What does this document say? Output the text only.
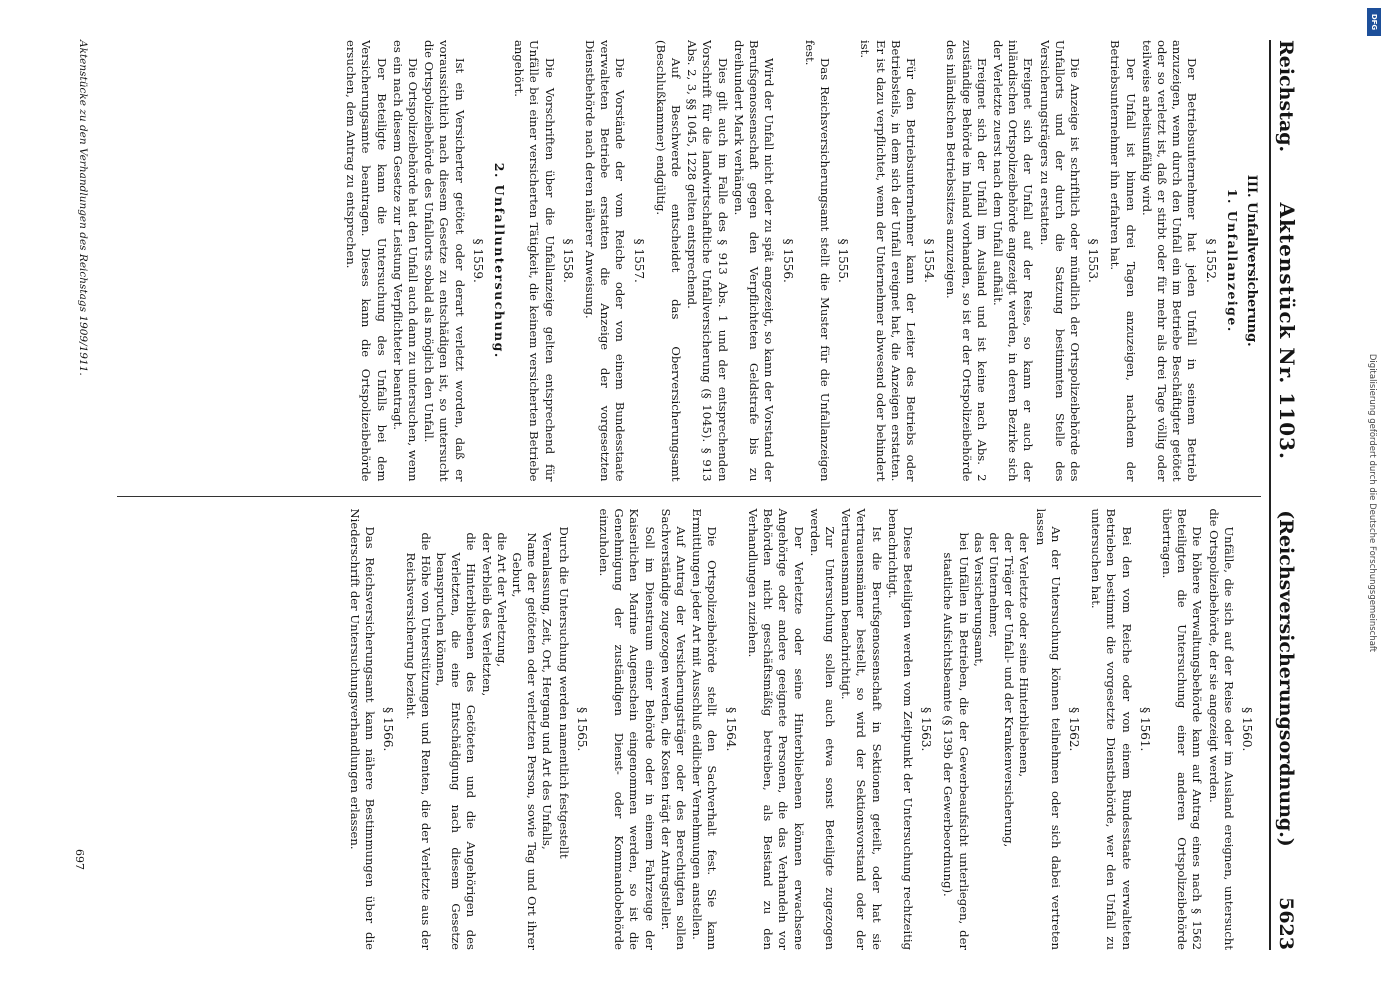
Reichstag.
Aktenstück Nr. 1103.
(Reichsversicherungsordnung.)
5623
III. Unfallversicherung.
1. Unfallanzeige.
§ 1552.

Der Betriebsunternehmer hat jeden Unfall in seinem Betrieb anzuzeigen, wenn durch den Unfall ein im Betriebe Beschäftigter getötet oder so verletzt ist, daß er stirbt oder für mehr als drei Tage völlig oder teilweise arbeitsunfähig wird.

Der Unfall ist binnen drei Tagen anzuzeigen, nachdem der Betriebsunternehmer ihn erfahren hat.

§ 1553.

Die Anzeige ist schriftlich oder mündlich der Ortspolizeibehörde des Unfallorts und der durch die Satzung bestimmten Stelle des Versicherungsträgers zu erstatten.

Ereignet sich der Unfall auf der Reise, so kann er auch der inländischen Ortspolizeibehörde angezeigt werden, in deren Bezirke sich der Verletzte zuerst nach dem Unfall aufhält.

Ereignet sich der Unfall im Ausland und ist keine nach Abs. 2 zuständige Behörde im Inland vorhanden, so ist er der Ortspolizeibehörde des inländischen Betriebssitzes anzuzeigen.

§ 1554.

Für den Betriebsunternehmer kann der Leiter des Betriebs oder Betriebsteils, in dem sich der Unfall ereignet hat, die Anzeigen erstatten. Er ist dazu verpflichtet, wenn der Unternehmer abwesend oder behindert ist.

§ 1555.

Das Reichsversicherungsamt stellt die Muster für die Unfallanzeigen fest.

§ 1556.

Wird der Unfall nicht oder zu spät angezeigt, so kann der Vorstand der Berufsgenossenschaft gegen den Verpflichteten Geldstrafe bis zu dreihundert Mark verhängen.

Dies gilt auch im Falle des § 913 Abs. 1 und der entsprechenden Vorschrift für die landwirtschaftliche Unfallversicherung (§ 1045). § 913 Abs. 2, 3, §§ 1045, 1228 gelten entsprechend.

Auf Beschwerde entscheidet das Oberversicherungsamt (Beschlußkammer) endgültig.

§ 1557.

Die Vorstände der vom Reiche oder von einem Bundesstaate verwalteten Betriebe erstatten die Anzeige der vorgesetzten Dienstbehörde nach deren näherer Anweisung.

§ 1558.

Die Vorschriften über die Unfallanzeige gelten entsprechend für Unfälle bei einer versicherten Tätigkeit, die keinem versicherten Betriebe angehört.

2. Unfalluntersuchung.
§ 1559.

Ist ein Versicherter getötet oder derart verletzt worden, daß er voraussichtlich nach diesem Gesetze zu entschädigen ist, so untersucht die Ortspolizeibehörde des Unfallorts sobald als möglich den Unfall.

Die Ortspolizeibehörde hat den Unfall auch dann zu untersuchen, wenn es ein nach diesem Gesetze zur Leistung Verpflichteter beantragt.

Der Beteiligte kann die Untersuchung des Unfalls bei dem Versicherungsamte beantragen. Dieses kann die Ortspolizeibehörde ersuchen, dem Antrag zu entsprechen.

§ 1560.

Unfälle, die sich auf der Reise oder im Ausland ereignen, untersucht die Ortspolizeibehörde, der sie angezeigt werden.

Die höhere Verwaltungsbehörde kann auf Antrag eines nach § 1562 Beteiligten die Untersuchung einer anderen Ortspolizeibehörde übertragen.

§ 1561.

Bei den vom Reiche oder von einem Bundesstaate verwalteten Betrieben bestimmt die vorgesetzte Dienstbehörde, wer den Unfall zu untersuchen hat.

§ 1562.

An der Untersuchung können teilnehmen oder sich dabei vertreten lassen

der Verletzte oder seine Hinterbliebenen,

der Träger der Unfall- und der Krankenversicherung,

der Unternehmer,

das Versicherungsamt,

bei Unfällen in Betrieben, die der Gewerbeaufsicht unterliegen, der staatliche Aufsichtsbeamte (§ 139b der Gewerbeordnung).

§ 1563.

Diese Beteiligten werden vom Zeitpunkt der Untersuchung rechtzeitig benachrichtigt.

Ist die Berufsgenossenschaft in Sektionen geteilt, oder hat sie Vertrauensmänner bestellt, so wird der Sektionsvorstand oder der Vertrauensmann benachrichtigt.

Zur Untersuchung sollen auch etwa sonst Beteiligte zugezogen werden.

Der Verletzte oder seine Hinterbliebenen können erwachsene Angehörige oder andere geeignete Personen, die das Verhandeln vor Behörden nicht geschäftsmäßig betreiben, als Beistand zu den Verhandlungen zuziehen.

§ 1564.

Die Ortspolizeibehörde stellt den Sachverhalt fest. Sie kann Ermittlungen jeder Art mit Ausschluß eidlicher Vernehmungen anstellen.

Auf Antrag der Versicherungsträger oder des Berechtigten sollen Sachverständige zugezogen werden, die Kosten trägt der Antragsteller.

Soll im Dienstraum einer Behörde oder in einem Fahrzeuge der Kaiserlichen Marine Augenschein eingenommen werden, so ist die Genehmigung der zuständigen Dienst- oder Kommandobehörde einzuholen.

§ 1565.

Durch die Untersuchung werden namentlich festgestellt

Veranlassung, Zeit, Ort, Hergang und Art des Unfalls,

Name der getöteten oder verletzten Person, sowie Tag und Ort ihrer Geburt,

die Art der Verletzung,

der Verbleib des Verletzten,

die Hinterbliebenen des Getöteten und die Angehörigen des Verletzten, die eine Entschädigung nach diesem Gesetze beanspruchen können,

die Höhe von Unterstützungen und Renten, die der Verletzte aus der Reichsversicherung bezieht.

§ 1566.

Das Reichsversicherungsamt kann nähere Bestimmungen über die Niederschrift der Untersuchungsverhandlungen erlassen.

Aktenstücke zu den Verhandlungen des Reichstags 1909/1911.
697
Digitalisierung gefördert durch die Deutsche Forschungsgemeinschaft
DFG
